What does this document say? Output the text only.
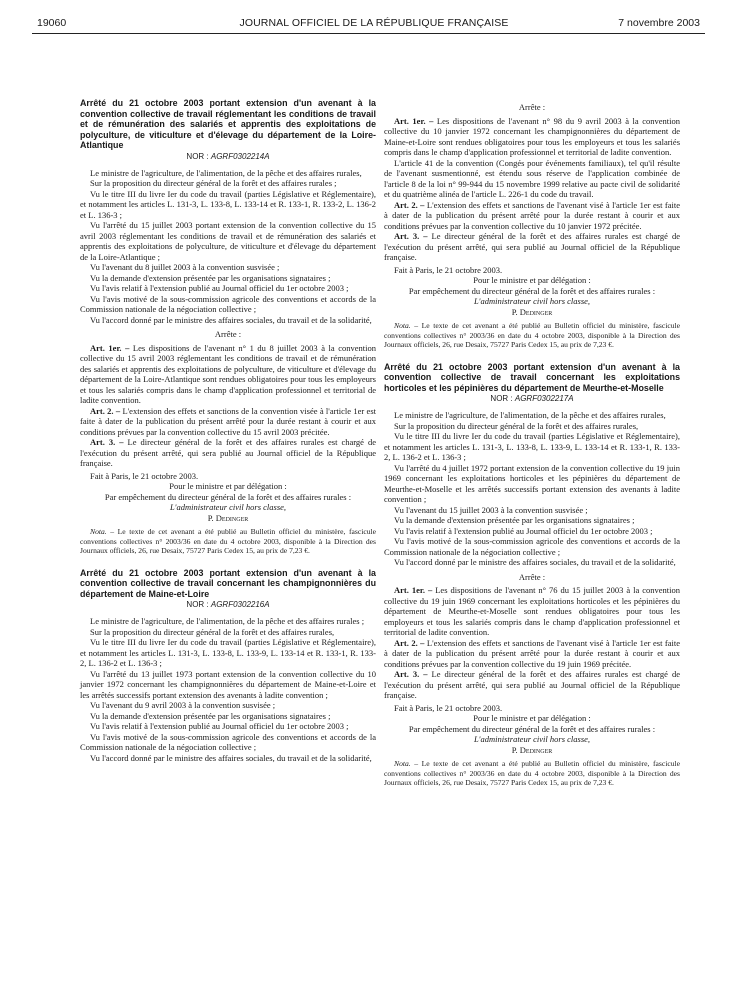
19060	JOURNAL OFFICIEL DE LA RÉPUBLIQUE FRANÇAISE	7 novembre 2003
Arrêté du 21 octobre 2003 portant extension d'un avenant à la convention collective de travail réglementant les conditions de travail et de rémunération des salariés et apprentis des exploitations de polyculture, de viticulture et d'élevage du département de la Loire-Atlantique
NOR : AGRF0302214A

Le ministre de l'agriculture, de l'alimentation, de la pêche et des affaires rurales,

Sur la proposition du directeur général de la forêt et des affaires rurales ;

Vu le titre III du livre Ier du code du travail (parties Législative et Réglementaire), et notamment les articles L. 131-3, L. 133-8, L. 133-14 et R. 133-1, R. 133-2, L. 136-2 et L. 136-3 ;

Vu l'arrêté du 15 juillet 2003 portant extension de la convention collective du 15 avril 2003 réglementant les conditions de travail et de rémunération des salariés et apprentis des exploitations de polyculture, de viticulture et d'élevage du département de la Loire-Atlantique ;

Vu l'avenant du 8 juillet 2003 à la convention susvisée ;

Vu la demande d'extension présentée par les organisations signataires ;

Vu l'avis relatif à l'extension publié au Journal officiel du 1er octobre 2003 ;

Vu l'avis motivé de la sous-commission agricole des conventions et accords de la Commission nationale de la négociation collective ;

Vu l'accord donné par le ministre des affaires sociales, du travail et de la solidarité,

Arrête :

Art. 1er. – Les dispositions de l'avenant n° 1 du 8 juillet 2003 à la convention collective du 15 avril 2003 réglementant les conditions de travail et de rémunération des salariés et apprentis des exploitations de polyculture, de viticulture et d'élevage du département de la Loire-Atlantique sont rendues obligatoires pour tous les employeurs et tous les salariés compris dans le champ d'application professionnel et territorial de ladite convention.

Art. 2. – L'extension des effets et sanctions de la convention visée à l'article 1er est faite à dater de la publication du présent arrêté pour la durée restant à courir et aux conditions prévues par la convention collective du 15 avril 2003 précitée.

Art. 3. – Le directeur général de la forêt et des affaires rurales est chargé de l'exécution du présent arrêté, qui sera publié au Journal officiel de la République française.

Fait à Paris, le 21 octobre 2003.

Pour le ministre et par délégation :

Par empêchement du directeur général de la forêt et des affaires rurales :

L'administrateur civil hors classe,

P. Dedinger

Nota. – Le texte de cet avenant a été publié au Bulletin officiel du ministère, fascicule conventions collectives n° 2003/36 en date du 4 octobre 2003, disponible à la Direction des Journaux officiels, 26, rue Desaix, 75727 Paris Cedex 15, au prix de 7,23 €.

Arrêté du 21 octobre 2003 portant extension d'un avenant à la convention collective de travail concernant les champignonnières du département de Maine-et-Loire
NOR : AGRF0302216A

Le ministre de l'agriculture, de l'alimentation, de la pêche et des affaires rurales ;

Sur la proposition du directeur général de la forêt et des affaires rurales,

Vu le titre III du livre Ier du code du travail (parties Législative et Réglementaire), et notamment les articles L. 131-3, L. 133-8, L. 133-9, L. 133-14 et R. 133-1, R. 133-2, L. 136-2 et L. 136-3 ;

Vu l'arrêté du 13 juillet 1973 portant extension de la convention collective du 10 janvier 1972 concernant les champignonnières du département de Maine-et-Loire et les arrêtés successifs portant extension des avenants à ladite convention ;

Vu l'avenant du 9 avril 2003 à la convention susvisée ;

Vu la demande d'extension présentée par les organisations signataires ;

Vu l'avis relatif à l'extension publié au Journal officiel du 1er octobre 2003 ;

Vu l'avis motivé de la sous-commission agricole des conventions et accords de la Commission nationale de la négociation collective ;

Vu l'accord donné par le ministre des affaires sociales, du travail et de la solidarité,

Arrête :

Art. 1er. – Les dispositions de l'avenant n° 98 du 9 avril 2003 à la convention collective du 10 janvier 1972 concernant les champignonnières du département de Maine-et-Loire sont rendues obligatoires pour tous les employeurs et tous les salariés compris dans le champ d'application professionnel et territorial de ladite convention.

L'article 41 de la convention (Congés pour événements familiaux), tel qu'il résulte de l'avenant susmentionné, est étendu sous réserve de l'application combinée de l'article 8 de la loi n° 99-944 du 15 novembre 1999 relative au pacte civil de solidarité et du quatrième alinéa de l'article L. 226-1 du code du travail.

Art. 2. – L'extension des effets et sanctions de l'avenant visé à l'article 1er est faite à dater de la publication du présent arrêté pour la durée restant à courir et aux conditions prévues par la convention collective du 10 janvier 1972 précitée.

Art. 3. – Le directeur général de la forêt et des affaires rurales est chargé de l'exécution du présent arrêté, qui sera publié au Journal officiel de la République française.

Fait à Paris, le 21 octobre 2003.

Pour le ministre et par délégation :

Par empêchement du directeur général de la forêt et des affaires rurales :

L'administrateur civil hors classe,

P. Dedinger

Nota. – Le texte de cet avenant a été publié au Bulletin officiel du ministère, fascicule conventions collectives n° 2003/36 en date du 4 octobre 2003, disponible à la Direction des Journaux officiels, 26, rue Desaix, 75727 Paris Cedex 15, au prix de 7,23 €.

Arrêté du 21 octobre 2003 portant extension d'un avenant à la convention collective de travail concernant les exploitations horticoles et les pépinières du département de Meurthe-et-Moselle
NOR : AGRF0302217A

Le ministre de l'agriculture, de l'alimentation, de la pêche et des affaires rurales,

Sur la proposition du directeur général de la forêt et des affaires rurales,

Vu le titre III du livre Ier du code du travail (parties Législative et Réglementaire), et notamment les articles L. 131-3, L. 133-8, L. 133-9, L. 133-14 et R. 133-1, R. 133-2, L. 136-2 et L. 136-3 ;

Vu l'arrêté du 4 juillet 1972 portant extension de la convention collective du 19 juin 1969 concernant les exploitations horticoles et les pépinières du département de Meurthe-et-Moselle et les arrêtés successifs portant extension des avenants à ladite convention ;

Vu l'avenant du 15 juillet 2003 à la convention susvisée ;

Vu la demande d'extension présentée par les organisations signataires ;

Vu l'avis relatif à l'extension publié au Journal officiel du 1er octobre 2003 ;

Vu l'avis motivé de la sous-commission agricole des conventions et accords de la Commission nationale de la négociation collective ;

Vu l'accord donné par le ministre des affaires sociales, du travail et de la solidarité,

Arrête :

Art. 1er. – Les dispositions de l'avenant n° 76 du 15 juillet 2003 à la convention collective du 19 juin 1969 concernant les exploitations horticoles et les pépinières du département de Meurthe-et-Moselle sont rendues obligatoires pour tous les employeurs et tous les salariés compris dans le champ d'application professionnel et territorial de ladite convention.

Art. 2. – L'extension des effets et sanctions de l'avenant visé à l'article 1er est faite à dater de la publication du présent arrêté pour la durée restant à courir et aux conditions prévues par la convention collective du 19 juin 1969 précitée.

Art. 3. – Le directeur général de la forêt et des affaires rurales est chargé de l'exécution du présent arrêté, qui sera publié au Journal officiel de la République française.

Fait à Paris, le 21 octobre 2003.

Pour le ministre et par délégation :

Par empêchement du directeur général de la forêt et des affaires rurales :

L'administrateur civil hors classe,

P. Dedinger

Nota. – Le texte de cet avenant a été publié au Bulletin officiel du ministère, fascicule conventions collectives n° 2003/36 en date du 4 octobre 2003, disponible à la Direction des Journaux officiels, 26, rue Desaix, 75727 Paris Cedex 15, au prix de 7,23 €.
